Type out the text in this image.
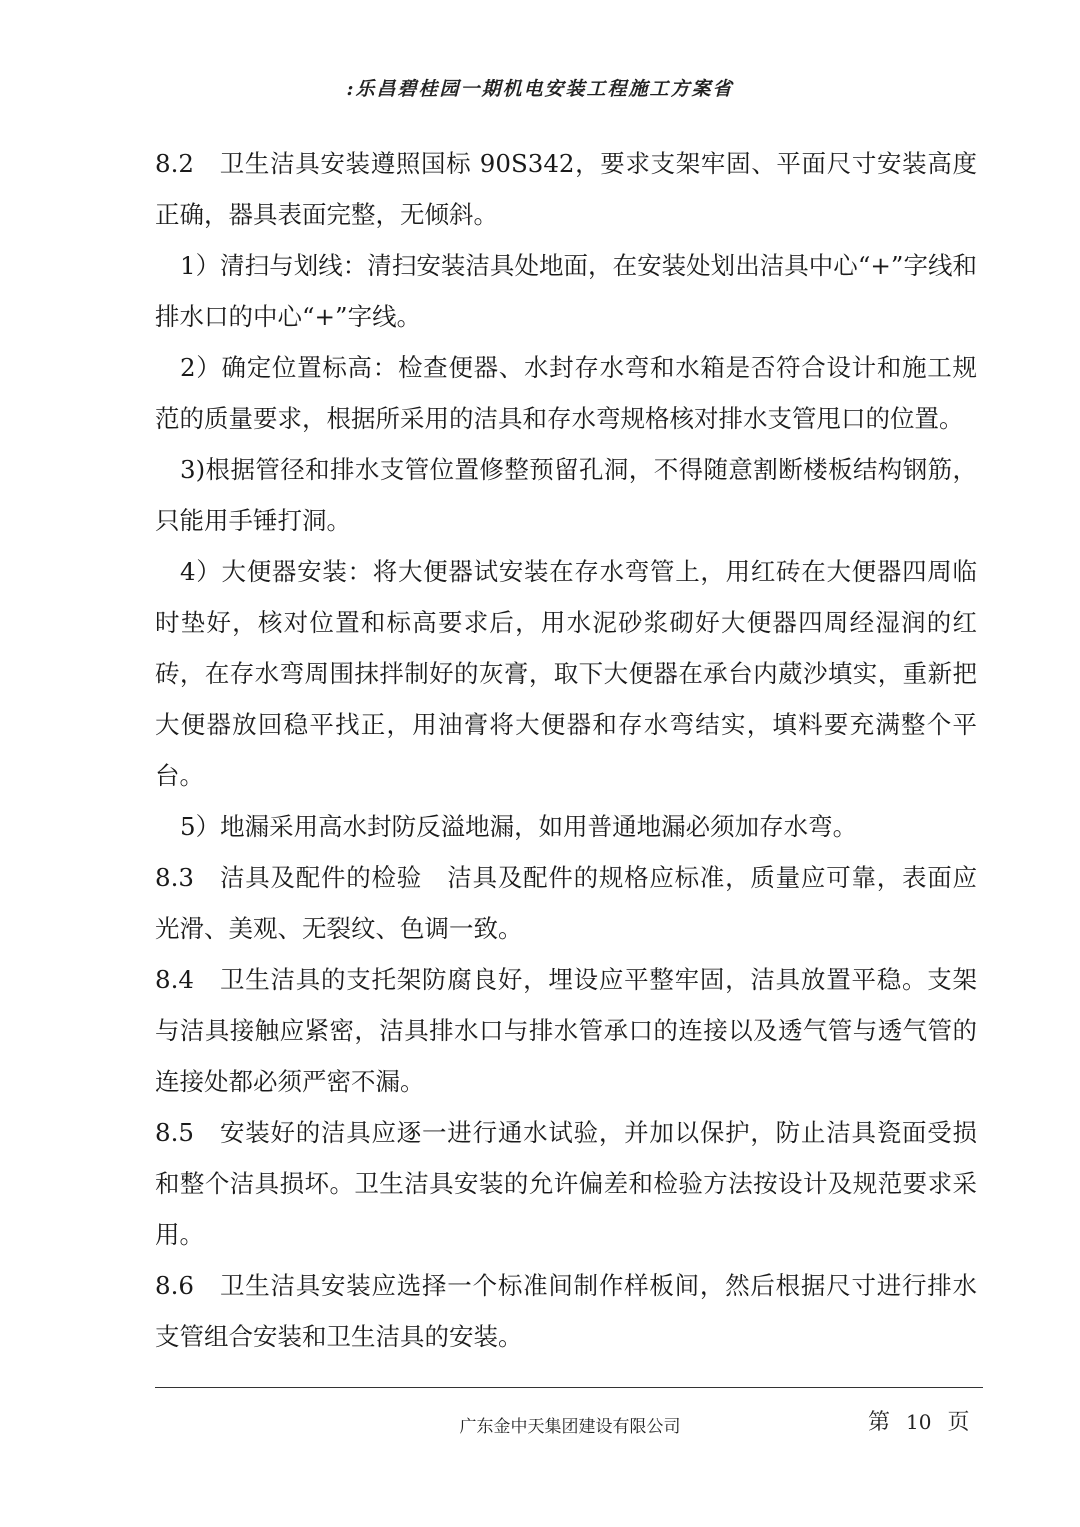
:乐昌碧桂园一期机电安装工程施工方案省

8.2　卫生洁具安装遵照国标 90S342，要求支架牢固、平面尺寸安装高度正确，器具表面完整，无倾斜。

1）清扫与划线：清扫安装洁具处地面，在安装处划出洁具中心“+”字线和排水口的中心“+”字线。

2）确定位置标高：检查便器、水封存水弯和水箱是否符合设计和施工规范的质量要求，根据所采用的洁具和存水弯规格核对排水支管甩口的位置。

3)根据管径和排水支管位置修整预留孔洞，不得随意割断楼板结构钢筋，只能用手锤打洞。

4）大便器安装：将大便器试安装在存水弯管上，用红砖在大便器四周临时垫好，核对位置和标高要求后，用水泥砂浆砌好大便器四周经湿润的红砖，在存水弯周围抹拌制好的灰膏，取下大便器在承台内葳沙填实，重新把大便器放回稳平找正，用油膏将大便器和存水弯结实，填料要充满整个平台。

5）地漏采用高水封防反溢地漏，如用普通地漏必须加存水弯。

8.3　洁具及配件的检验　洁具及配件的规格应标准，质量应可靠，表面应光滑、美观、无裂纹、色调一致。

8.4　卫生洁具的支托架防腐良好，埋设应平整牢固，洁具放置平稳。支架与洁具接触应紧密，洁具排水口与排水管承口的连接以及透气管与透气管的连接处都必须严密不漏。

8.5　安装好的洁具应逐一进行通水试验，并加以保护，防止洁具瓷面受损和整个洁具损坏。卫生洁具安装的允许偏差和检验方法按设计及规范要求采用。

8.6　卫生洁具安装应选择一个标准间制作样板间，然后根据尺寸进行排水支管组合安装和卫生洁具的安装。

广东金中天集团建设有限公司	第 10 页
